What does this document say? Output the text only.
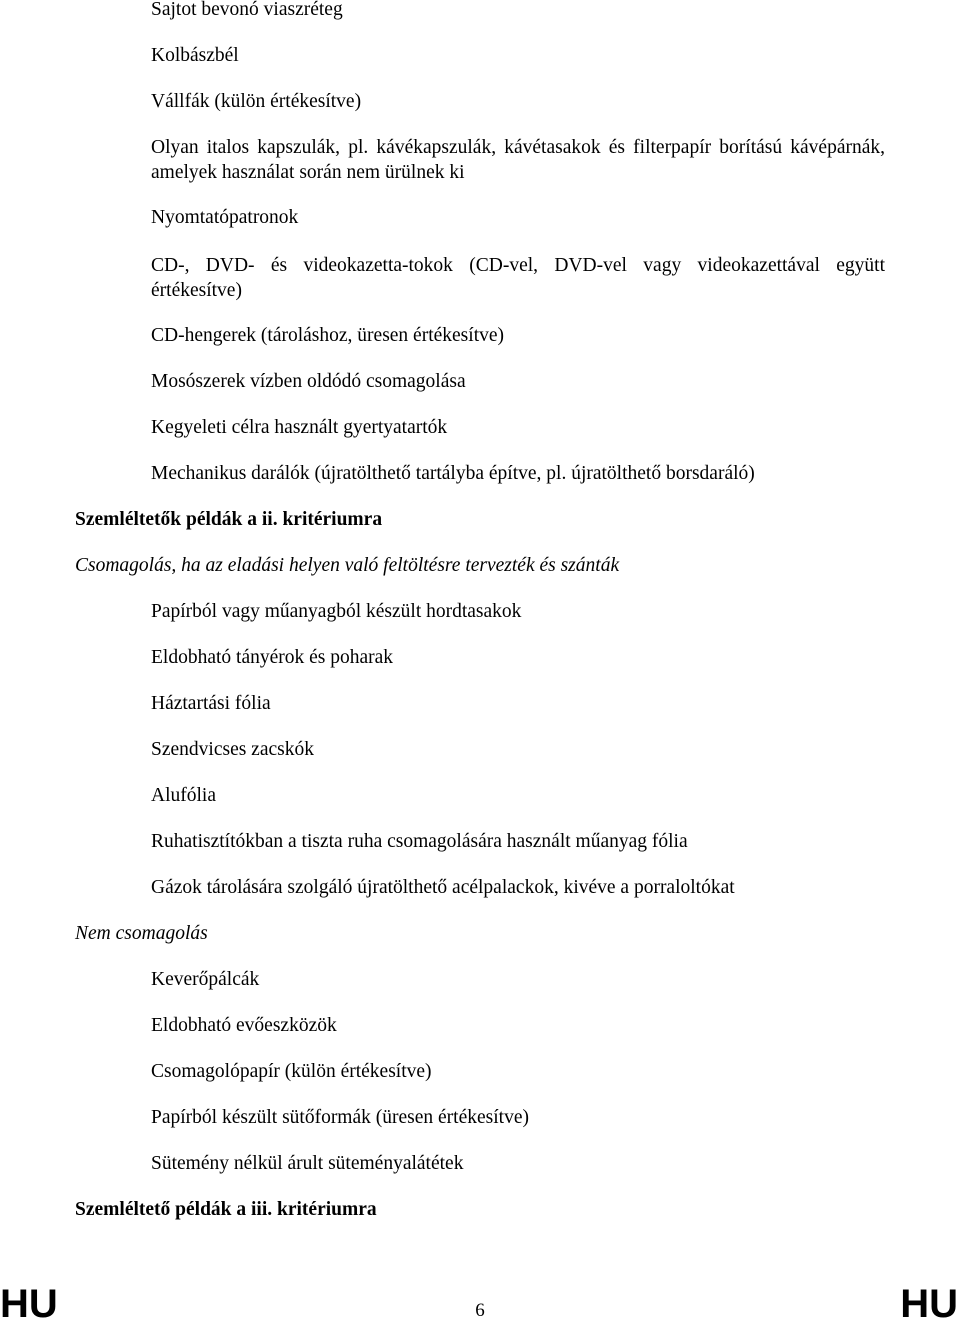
Sajtot bevonó viaszréteg
Kolbászbél
Vállfák (külön értékesítve)
Olyan italos kapszulák, pl. kávékapszulák, kávétasakok és filterpapír borítású kávépárnák, amelyek használat során nem ürülnek ki
Nyomtatópatronok
CD-, DVD- és videokazetta-tokok (CD-vel, DVD-vel vagy videokazettával együtt értékesítve)
CD-hengerek (tároláshoz, üresen értékesítve)
Mosószerek vízben oldódó csomagolása
Kegyeleti célra használt gyertyatartók
Mechanikus darálók (újratölthető tartályba építve, pl. újratölthető borsdaráló)
Szemléltetők példák a ii. kritériumra
Csomagolás, ha az eladási helyen való feltöltésre tervezték és szánták
Papírból vagy műanyagból készült hordtasakok
Eldobható tányérok és poharak
Háztartási fólia
Szendvicses zacskók
Alufólia
Ruhatisztítókban a tiszta ruha csomagolására használt műanyag fólia
Gázok tárolására szolgáló újratölthető acélpalackok, kivéve a porraloltókat
Nem csomagolás
Keverőpálcák
Eldobható evőeszközök
Csomagolópapír (külön értékesítve)
Papírból készült sütőformák (üresen értékesítve)
Sütemény nélkül árult süteményalátétek
Szemléltető példák a iii. kritériumra
HU	6	HU
